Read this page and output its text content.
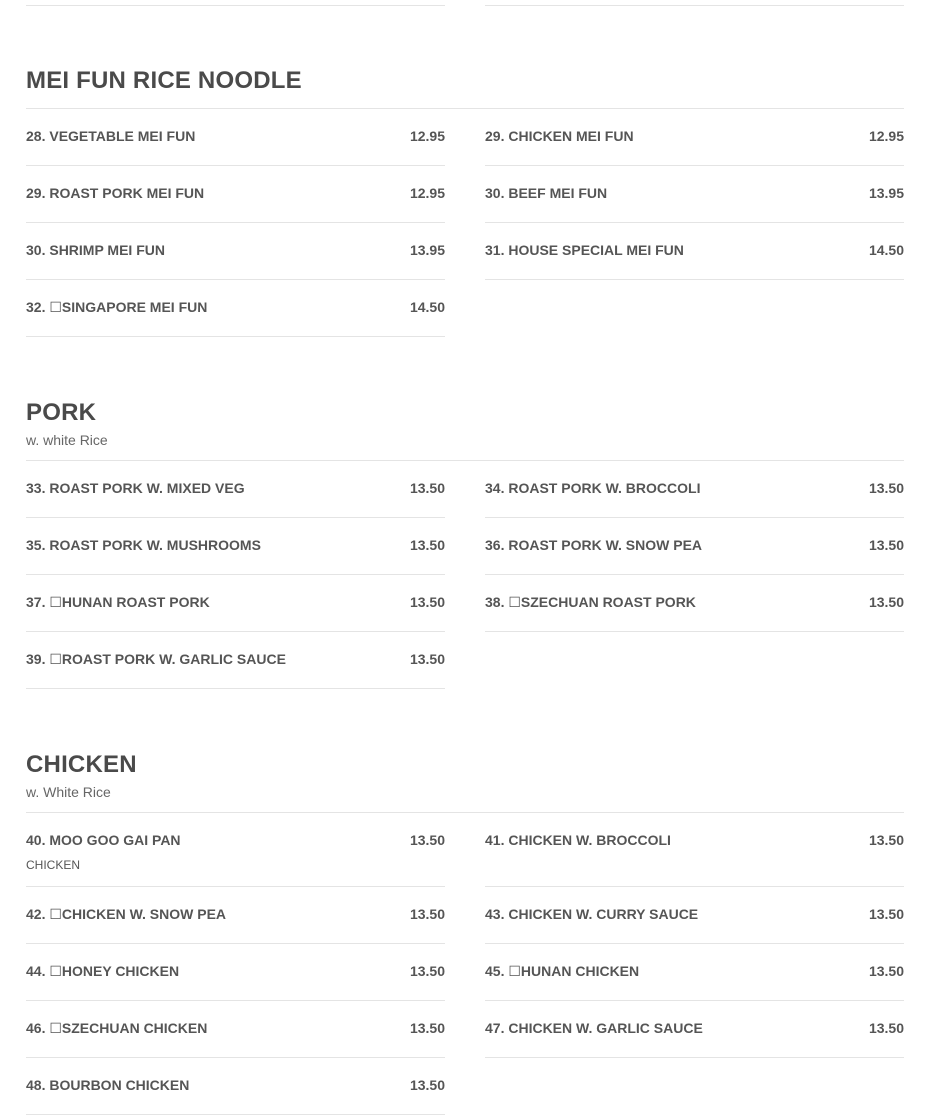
MEI FUN RICE NOODLE
28. VEGETABLE MEI FUN	12.95
29. ROAST PORK MEI FUN	12.95
30. SHRIMP MEI FUN	13.95
32. ☐SINGAPORE MEI FUN	14.50
29. CHICKEN MEI FUN	12.95
30. BEEF MEI FUN	13.95
31. HOUSE SPECIAL MEI FUN	14.50
PORK
w. white Rice
33. ROAST PORK W. MIXED VEG	13.50
35. ROAST PORK W. MUSHROOMS	13.50
37. ☐HUNAN ROAST PORK	13.50
39. ☐ROAST PORK W. GARLIC SAUCE	13.50
34. ROAST PORK W. BROCCOLI	13.50
36. ROAST PORK W. SNOW PEA	13.50
38. ☐SZECHUAN ROAST PORK	13.50
CHICKEN
w. White Rice
40. MOO GOO GAI PAN	13.50
CHICKEN
42. ☐CHICKEN W. SNOW PEA	13.50
44. ☐HONEY CHICKEN	13.50
46. ☐SZECHUAN CHICKEN	13.50
48. BOURBON CHICKEN	13.50
41. CHICKEN W. BROCCOLI	13.50
43. CHICKEN W. CURRY SAUCE	13.50
45. ☐HUNAN CHICKEN	13.50
47. CHICKEN W. GARLIC SAUCE	13.50
